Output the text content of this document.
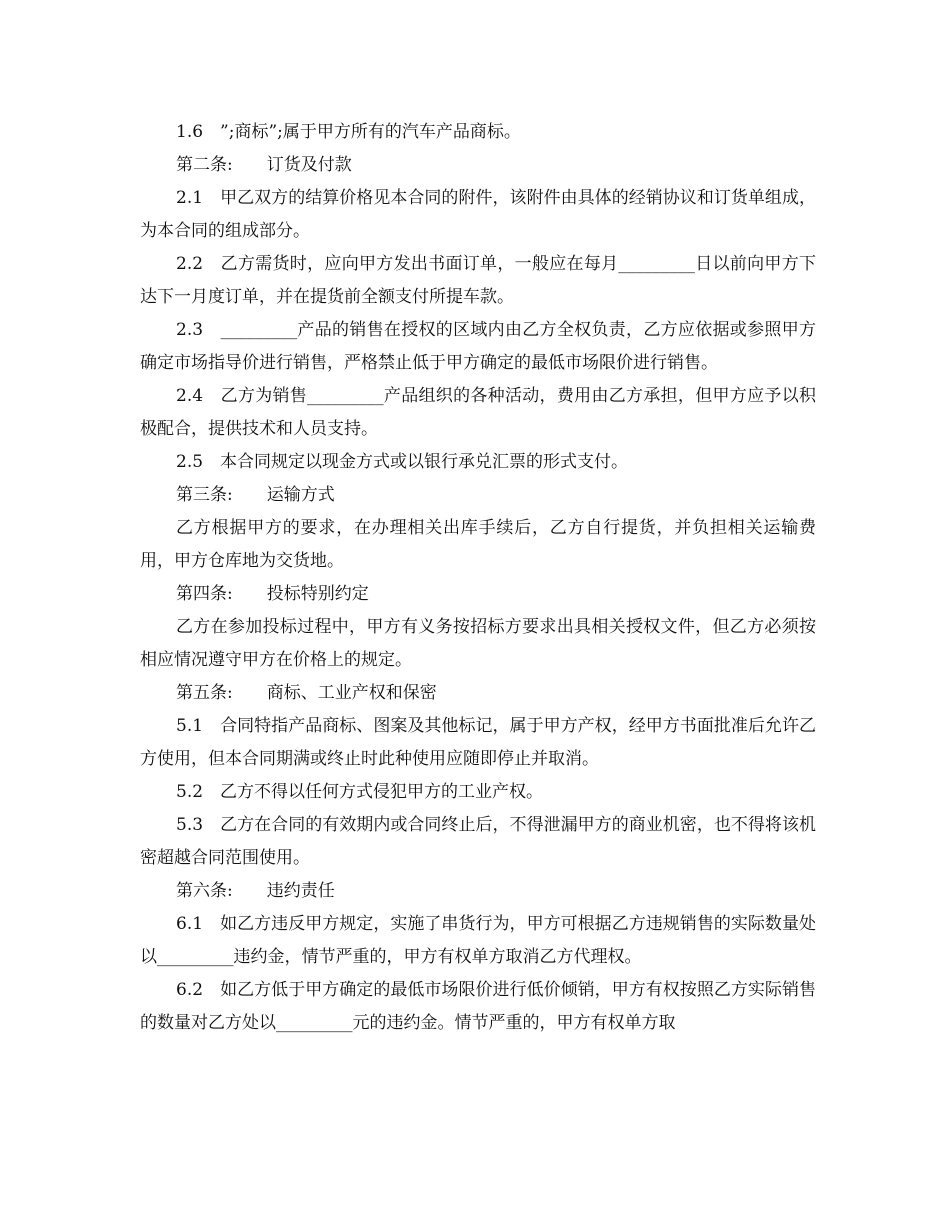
1.6　”;商标”;属于甲方所有的汽车产品商标。

第二条:　　订货及付款

2.1　甲乙双方的结算价格见本合同的附件，该附件由具体的经销协议和订货单组成，为本合同的组成部分。

2.2　乙方需货时，应向甲方发出书面订单，一般应在每月_________日以前向甲方下达下一月度订单，并在提货前全额支付所提车款。

2.3　_________产品的销售在授权的区域内由乙方全权负责，乙方应依据或参照甲方确定市场指导价进行销售，严格禁止低于甲方确定的最低市场限价进行销售。

2.4　乙方为销售_________产品组织的各种活动，费用由乙方承担，但甲方应予以积极配合，提供技术和人员支持。

2.5　本合同规定以现金方式或以银行承兑汇票的形式支付。

第三条:　　运输方式

乙方根据甲方的要求，在办理相关出库手续后，乙方自行提货，并负担相关运输费用，甲方仓库地为交货地。

第四条:　　投标特别约定

乙方在参加投标过程中，甲方有义务按招标方要求出具相关授权文件，但乙方必须按相应情况遵守甲方在价格上的规定。

第五条:　　商标、工业产权和保密

5.1　合同特指产品商标、图案及其他标记，属于甲方产权，经甲方书面批准后允许乙方使用，但本合同期满或终止时此种使用应随即停止并取消。

5.2　乙方不得以任何方式侵犯甲方的工业产权。

5.3　乙方在合同的有效期内或合同终止后，不得泄漏甲方的商业机密，也不得将该机密超越合同范围使用。

第六条:　　违约责任

6.1　如乙方违反甲方规定，实施了串货行为，甲方可根据乙方违规销售的实际数量处以_________违约金，情节严重的，甲方有权单方取消乙方代理权。

6.2　如乙方低于甲方确定的最低市场限价进行低价倾销，甲方有权按照乙方实际销售的数量对乙方处以_________元的违约金。情节严重的，甲方有权单方取
